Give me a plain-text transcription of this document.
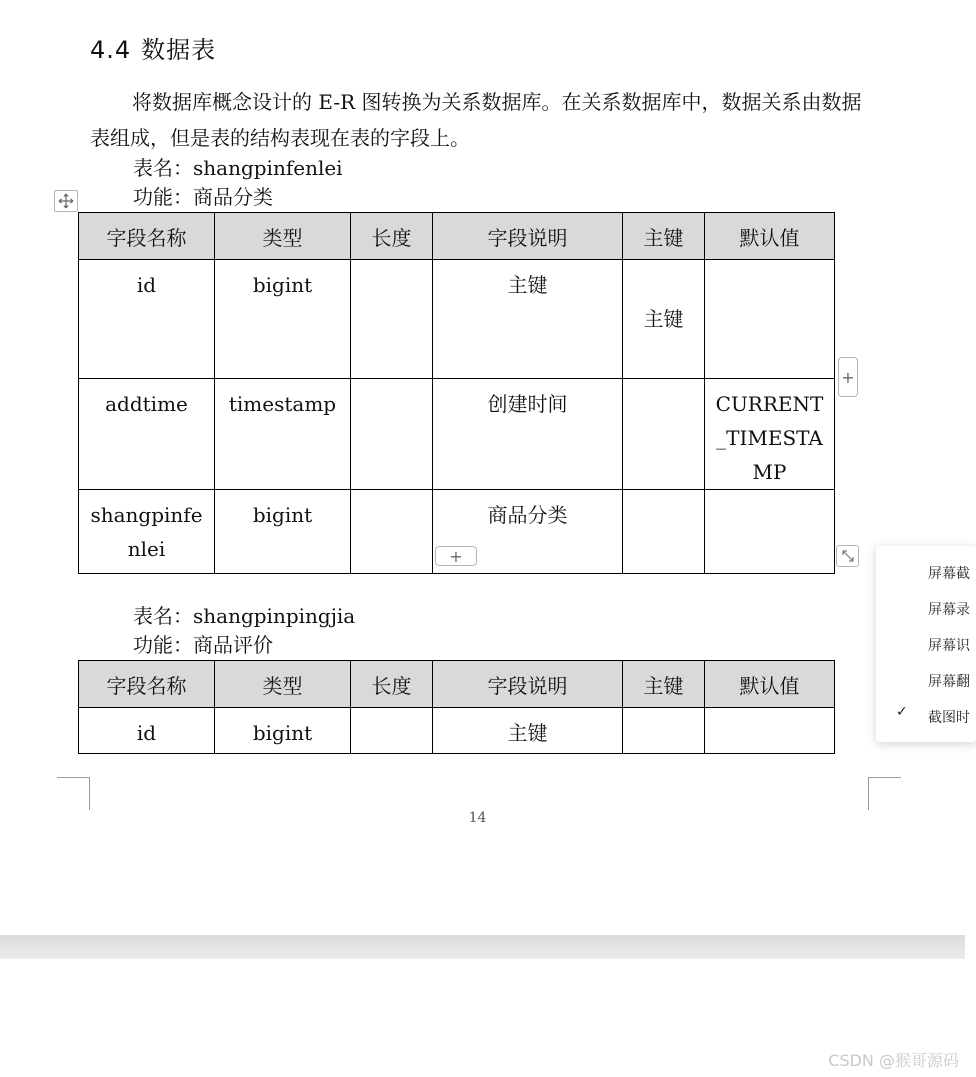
4.4 数据表
将数据库概念设计的 E-R 图转换为关系数据库。在关系数据库中，数据关系由数据表组成，但是表的结构表现在表的字段上。
表名：shangpinfenlei
功能：商品分类
字段名称	类型	长度	字段说明	主键	默认值
id	bigint		主键	主键	
addtime	timestamp		创建时间		CURRENT_TIMESTAMP
shangpinfenlei	bigint		商品分类		
+
+
表名：shangpinpingjia
功能：商品评价
字段名称	类型	长度	字段说明	主键	默认值
id	bigint		主键		
14
屏幕截
屏幕录
屏幕识
屏幕翻
✓ 截图时
CSDN @猴哥源码
